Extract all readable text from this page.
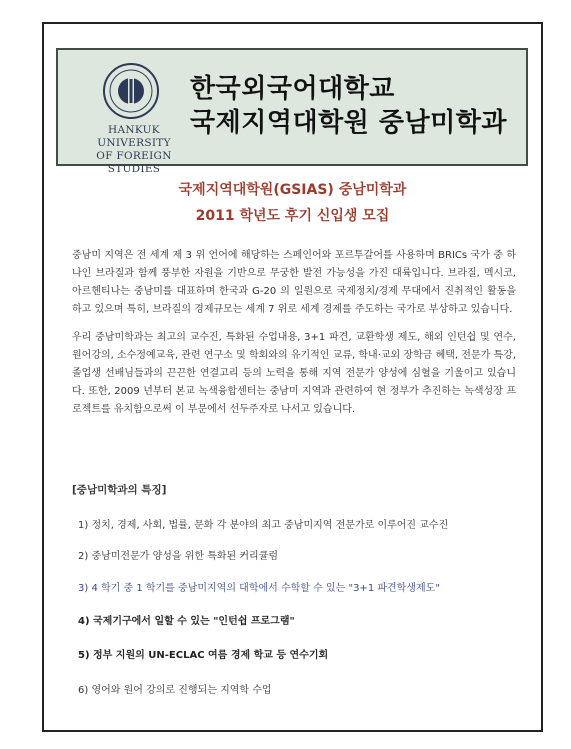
HANKUK UNIVERSITY
OF FOREIGN STUDIES
한국외국어대학교
국제지역대학원 중남미학과
국제지역대학원(GSIAS) 중남미학과
2011 학년도 후기 신입생 모집
중남미 지역은 전 세계 제 3 위 언어에 해당하는 스페인어와 포르투갈어를 사용하며 BRICs 국가 중 하나인 브라질과 함께 풍부한 자원을 기반으로 무궁한 발전 가능성을 가진 대륙입니다. 브라질, 멕시코, 아르헨티나는 중남미를 대표하며 한국과 G-20 의 일원으로 국제정치/경제 무대에서 진취적인 활동을 하고 있으며 특히, 브라질의 경제규모는 세계 7 위로 세계 경제를 주도하는 국가로 부상하고 있습니다.
우리 중남미학과는 최고의 교수진, 특화된 수업내용, 3+1 파견, 교환학생 제도, 해외 인턴쉽 및 연수, 원어강의, 소수정예교육, 관련 연구소 및 학회와의 유기적인 교류, 학내·교외 장학금 혜택, 전문가 특강, 졸업생 선배님들과의 끈끈한 연결고리 등의 노력을 통해 지역 전문가 양성에 심혈을 기울이고 있습니다. 또한, 2009 년부터 본교 녹색융합센터는 중남미 지역과 관련하여 현 정부가 추진하는 녹색성장 프로젝트를 유치함으로써 이 부문에서 선두주자로 나서고 있습니다.
[중남미학과의 특징]
1) 정치, 경제, 사회, 법률, 문화 각 분야의 최고 중남미지역 전문가로 이루어진 교수진
2) 중남미전문가 양성을 위한 특화된 커리큘럼
3) 4 학기 중 1 학기를 중남미지역의 대학에서 수학할 수 있는 "3+1 파견학생제도"
4) 국제기구에서 일할 수 있는 "인턴쉽 프로그램"
5) 정부 지원의 UN-ECLAC 여름 경제 학교 등 연수기회
6) 영어와 원어 강의로 진행되는 지역학 수업
